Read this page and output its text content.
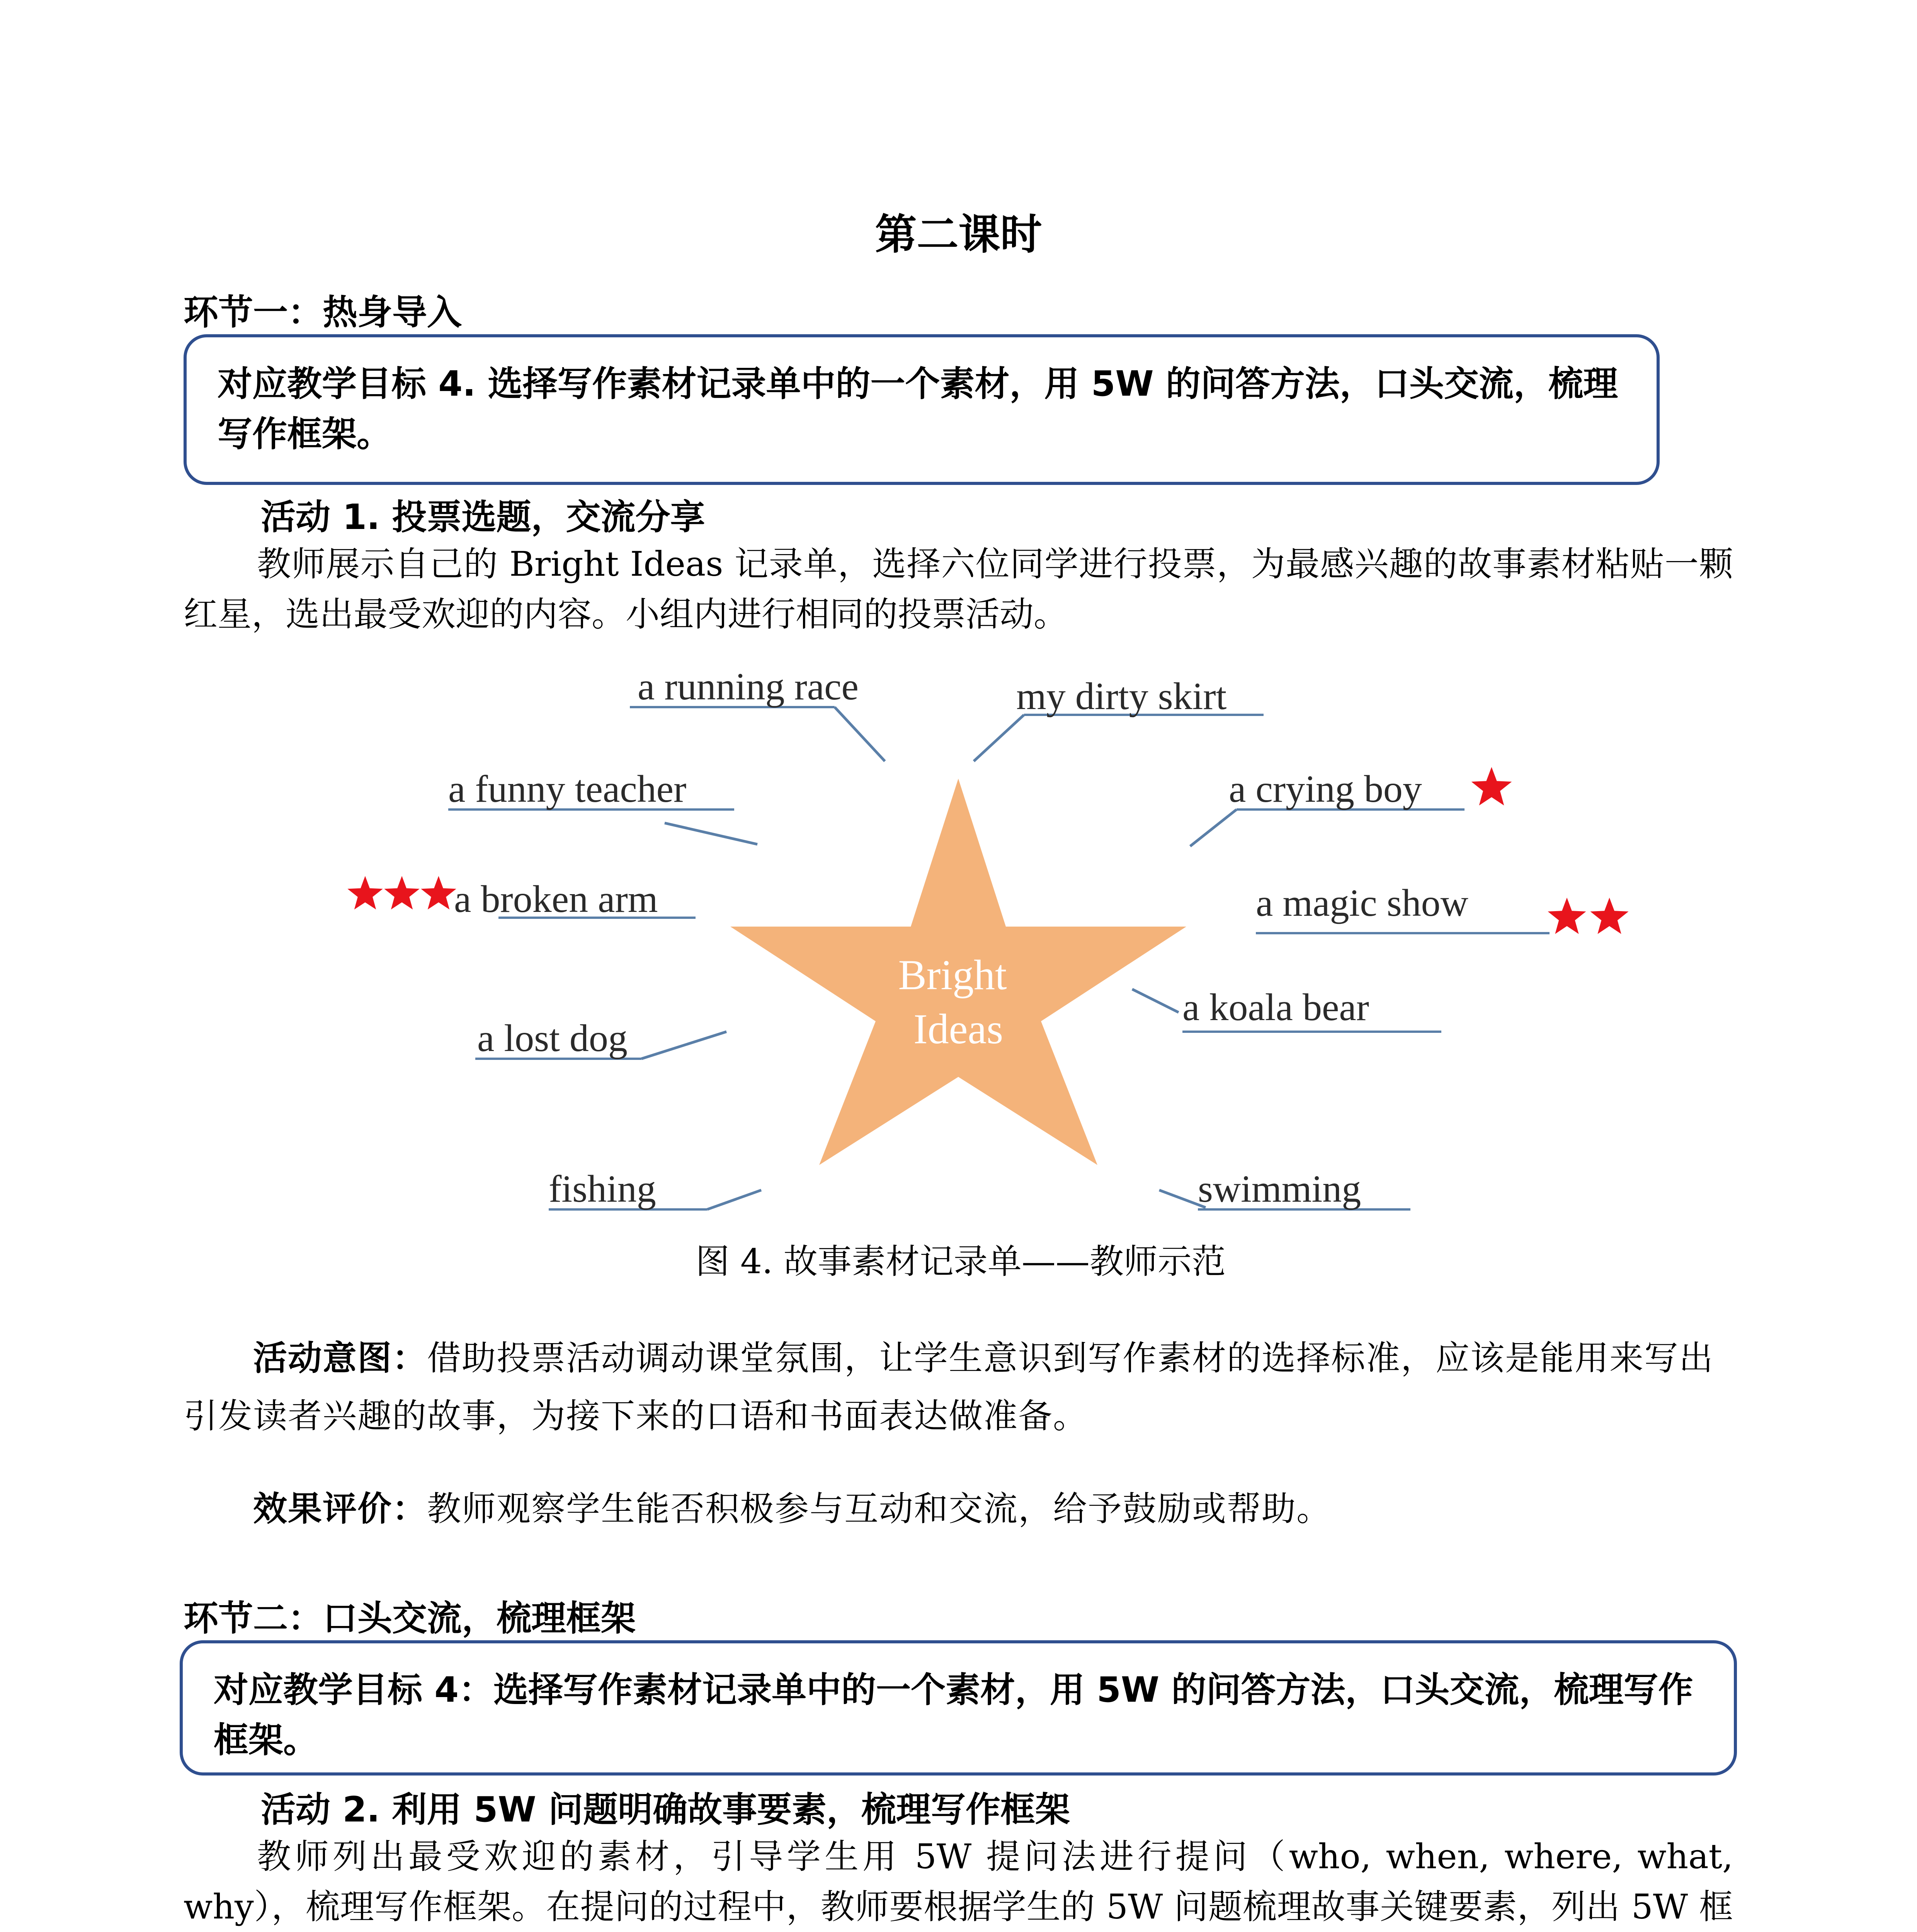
第二课时
环节一：热身导入
对应教学目标 4. 选择写作素材记录单中的一个素材，用 5W 的问答方法，口头交流，梳理写作框架。
活动 1. 投票选题，交流分享
教师展示自己的 Bright Ideas 记录单，选择六位同学进行投票，为最感兴趣的故事素材粘贴一颗红星，选出最受欢迎的内容。小组内进行相同的投票活动。
Bright
Ideas
a running race	my dirty skirt
a funny teacher	a crying boy
a broken arm	a magic show
a lost dog
a koala bear
fishing	swimming
图 4. 故事素材记录单——教师示范
活动意图：借助投票活动调动课堂氛围，让学生意识到写作素材的选择标准，应该是能用来写出引发读者兴趣的故事，为接下来的口语和书面表达做准备。
效果评价：教师观察学生能否积极参与互动和交流，给予鼓励或帮助。
环节二：口头交流，梳理框架
对应教学目标 4：选择写作素材记录单中的一个素材，用 5W 的问答方法，口头交流，梳理写作框架。
活动 2. 利用 5W 问题明确故事要素，梳理写作框架
教师列出最受欢迎的素材，引导学生用 5W 提问法进行提问（who, when, where, what, why），梳理写作框架。在提问的过程中，教师要根据学生的 5W 问题梳理故事关键要素，列出 5W 框
